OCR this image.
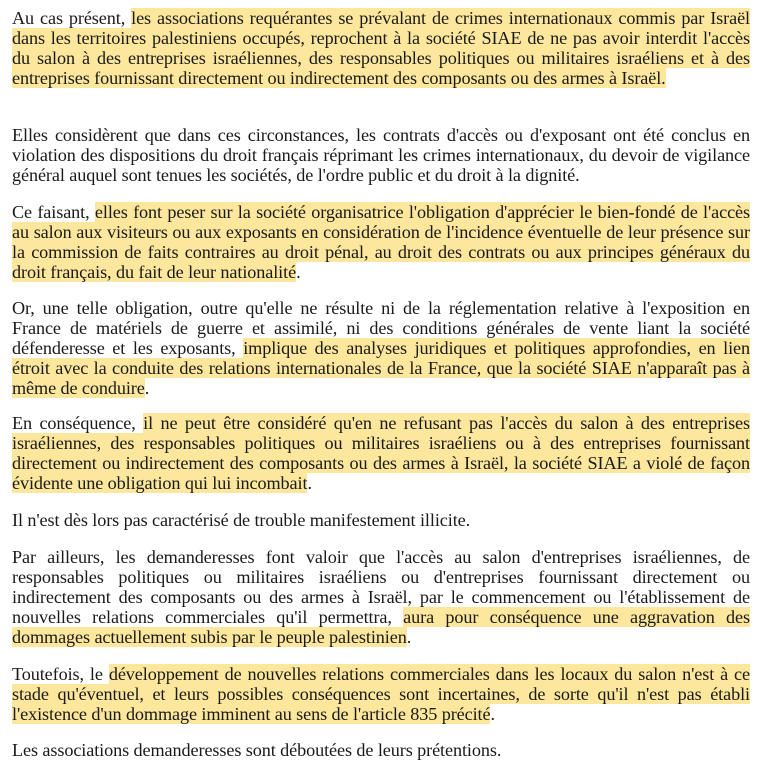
Au cas présent, les associations requérantes se prévalant de crimes internationaux commis par Israël dans les territoires palestiniens occupés, reprochent à la société SIAE de ne pas avoir interdit l'accès du salon à des entreprises israéliennes, des responsables politiques ou militaires israéliens et à des entreprises fournissant directement ou indirectement des composants ou des armes à Israël.

Elles considèrent que dans ces circonstances, les contrats d'accès ou d'exposant ont été conclus en violation des dispositions du droit français réprimant les crimes internationaux, du devoir de vigilance général auquel sont tenues les sociétés, de l'ordre public et du droit à la dignité.

Ce faisant, elles font peser sur la société organisatrice l'obligation d'apprécier le bien-fondé de l'accès au salon aux visiteurs ou aux exposants en considération de l'incidence éventuelle de leur présence sur la commission de faits contraires au droit pénal, au droit des contrats ou aux principes généraux du droit français, du fait de leur nationalité.

Or, une telle obligation, outre qu'elle ne résulte ni de la réglementation relative à l'exposition en France de matériels de guerre et assimilé, ni des conditions générales de vente liant la société défenderesse et les exposants, implique des analyses juridiques et politiques approfondies, en lien étroit avec la conduite des relations internationales de la France, que la société SIAE n'apparaît pas à même de conduire.

En conséquence, il ne peut être considéré qu'en ne refusant pas l'accès du salon à des entreprises israéliennes, des responsables politiques ou militaires israéliens ou à des entreprises fournissant directement ou indirectement des composants ou des armes à Israël, la société SIAE a violé de façon évidente une obligation qui lui incombait.

Il n'est dès lors pas caractérisé de trouble manifestement illicite.

Par ailleurs, les demanderesses font valoir que l'accès au salon d'entreprises israéliennes, de responsables politiques ou militaires israéliens ou d'entreprises fournissant directement ou indirectement des composants ou des armes à Israël, par le commencement ou l'établissement de nouvelles relations commerciales qu'il permettra, aura pour conséquence une aggravation des dommages actuellement subis par le peuple palestinien.

Toutefois, le développement de nouvelles relations commerciales dans les locaux du salon n'est à ce stade qu'éventuel, et leurs possibles conséquences sont incertaines, de sorte qu'il n'est pas établi l'existence d'un dommage imminent au sens de l'article 835 précité.

Les associations demanderesses sont déboutées de leurs prétentions.
